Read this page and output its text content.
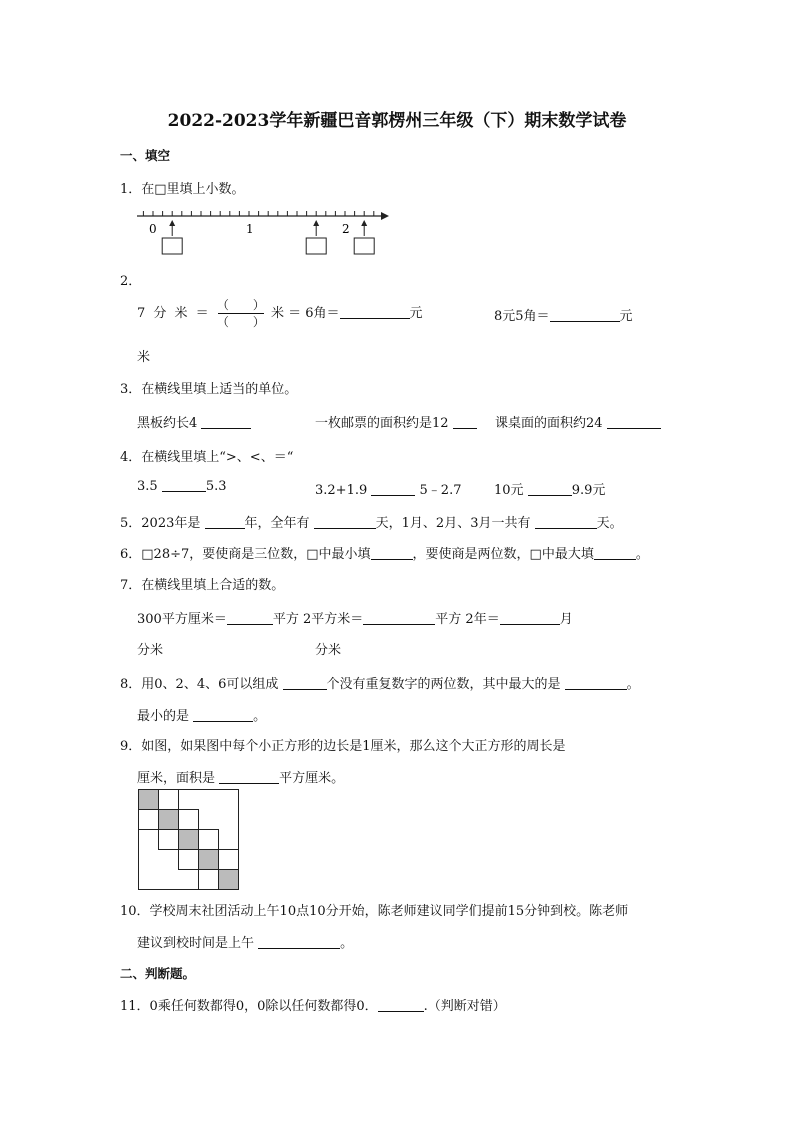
2022-2023学年新疆巴音郭楞州三年级（下）期末数学试卷
一、填空
1．在□里填上小数。
0	1	2
2．
7 分 米 ＝ $\frac{( )}{( )}$ 米 ＝ 6角＝	元	8元5角＝	元
米
3．在横线里填上适当的单位。
黑板约长4	一枚邮票的面积约是12	课桌面的面积约24
4．在横线里填上“>、<、＝“
3.5	5.3	3.2+1.9	5﹣2.7	10元	9.9元
5．2023年是	年，全年有	天，1月、2月、3月一共有	天。
6．□28÷7，要使商是三位数，□中最小填	，要使商是两位数，□中最大填	。
7．在横线里填上合适的数。
300平方厘米＝	平方 2平方米＝	平方 2年＝	月
分米	分米
8．用0、2、4、6可以组成	个没有重复数字的两位数，其中最大的是	。
最小的是	。
9．如图，如果图中每个小正方形的边长是1厘米，那么这个大正方形的周长是
厘米，面积是	平方厘米。
10．学校周末社团活动上午10点10分开始，陈老师建议同学们提前15分钟到校。陈老师
建议到校时间是上午	。
二、判断题。
11．0乘任何数都得0，0除以任何数都得0．	.（判断对错）
